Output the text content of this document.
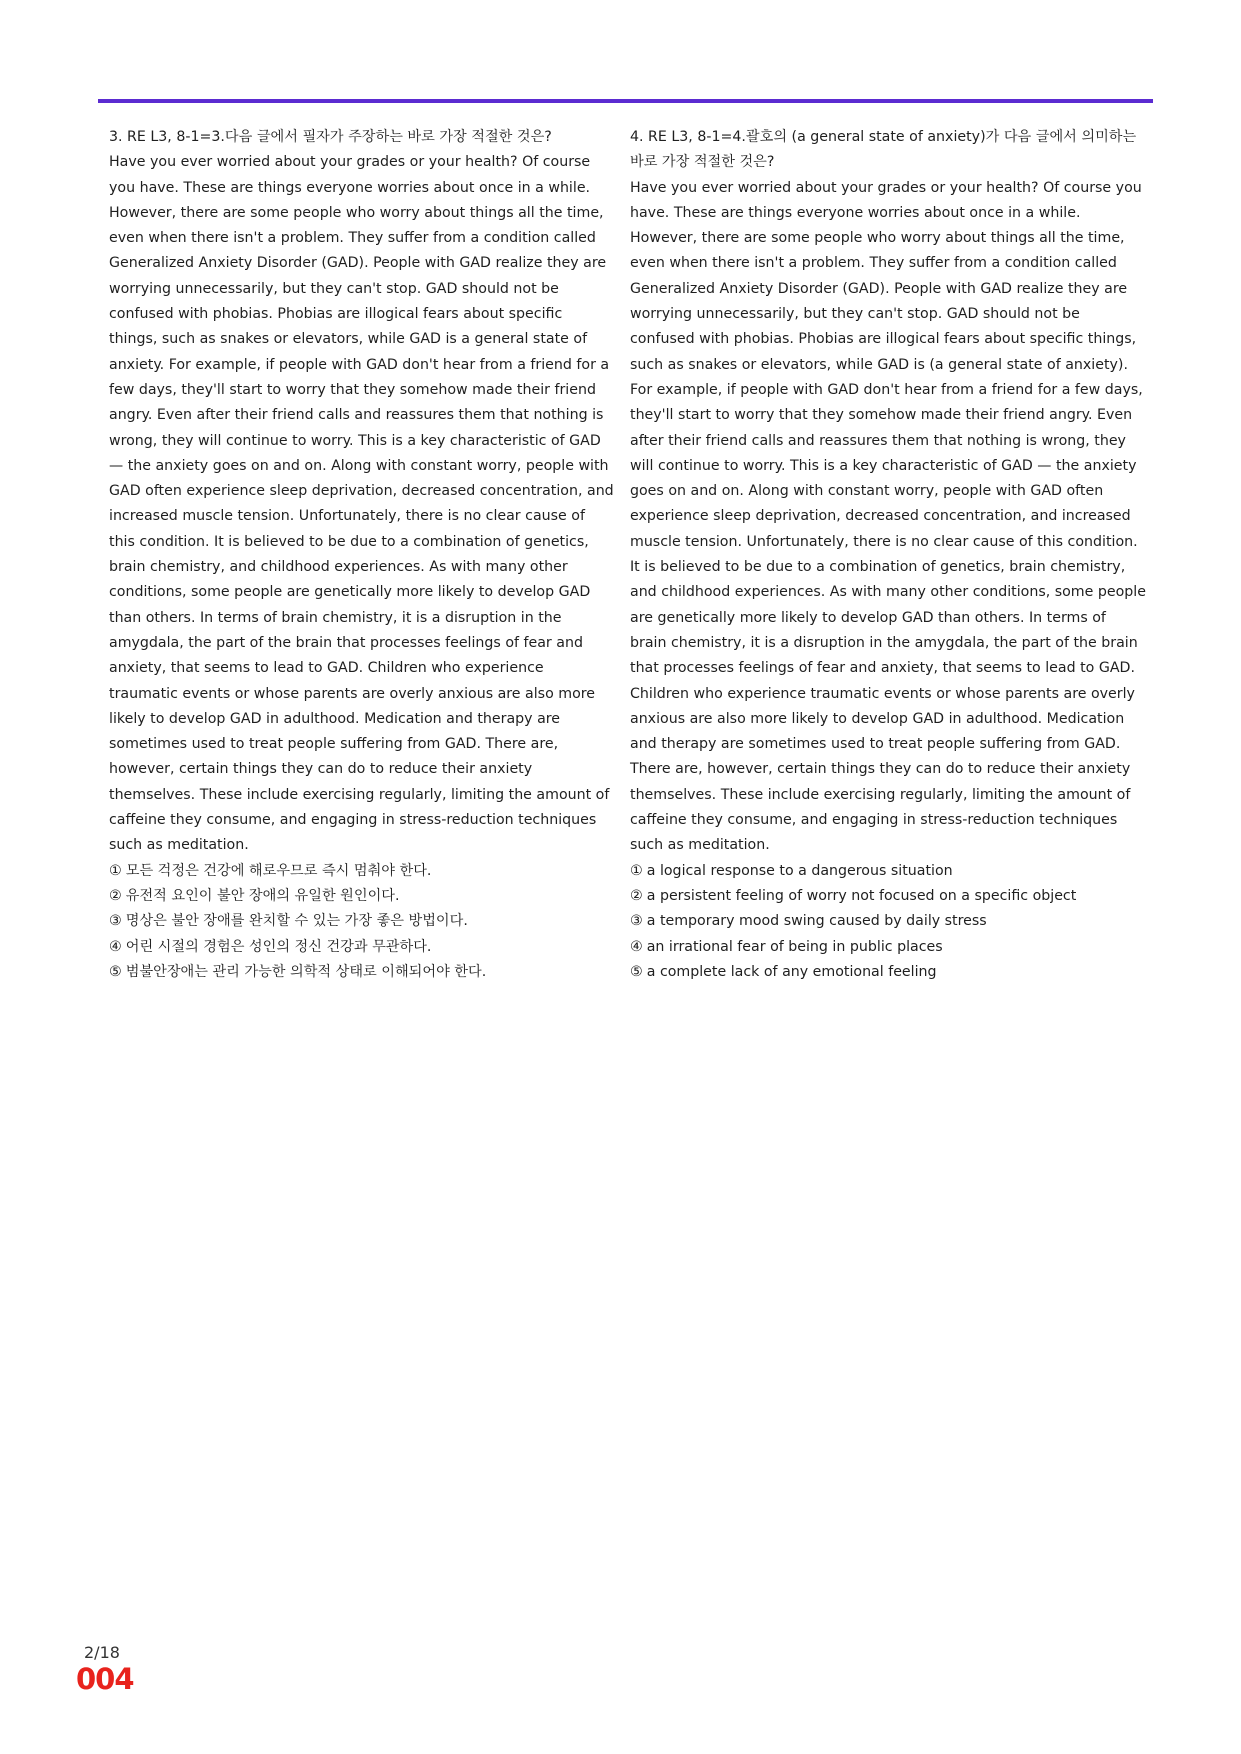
3. RE L3, 8-1=3.다음 글에서 필자가 주장하는 바로 가장 적절한 것은?

Have you ever worried about your grades or your health? Of course you have. These are things everyone worries about once in a while. However, there are some people who worry about things all the time, even when there isn't a problem. They suffer from a condition called Generalized Anxiety Disorder (GAD). People with GAD realize they are worrying unnecessarily, but they can't stop. GAD should not be confused with phobias. Phobias are illogical fears about specific things, such as snakes or elevators, while GAD is a general state of anxiety. For example, if people with GAD don't hear from a friend for a few days, they'll start to worry that they somehow made their friend angry. Even after their friend calls and reassures them that nothing is wrong, they will continue to worry. This is a key characteristic of GAD — the anxiety goes on and on. Along with constant worry, people with GAD often experience sleep deprivation, decreased concentration, and increased muscle tension. Unfortunately, there is no clear cause of this condition. It is believed to be due to a combination of genetics, brain chemistry, and childhood experiences. As with many other conditions, some people are genetically more likely to develop GAD than others. In terms of brain chemistry, it is a disruption in the amygdala, the part of the brain that processes feelings of fear and anxiety, that seems to lead to GAD. Children who experience traumatic events or whose parents are overly anxious are also more likely to develop GAD in adulthood. Medication and therapy are sometimes used to treat people suffering from GAD. There are, however, certain things they can do to reduce their anxiety themselves. These include exercising regularly, limiting the amount of caffeine they consume, and engaging in stress-reduction techniques such as meditation.

① 모든 걱정은 건강에 해로우므로 즉시 멈춰야 한다.
② 유전적 요인이 불안 장애의 유일한 원인이다.
③ 명상은 불안 장애를 완치할 수 있는 가장 좋은 방법이다.
④ 어린 시절의 경험은 성인의 정신 건강과 무관하다.
⑤ 범불안장애는 관리 가능한 의학적 상태로 이해되어야 한다.

4. RE L3, 8-1=4.괄호의 (a general state of anxiety)가 다음 글에서 의미하는 바로 가장 적절한 것은?

Have you ever worried about your grades or your health? Of course you have. These are things everyone worries about once in a while. However, there are some people who worry about things all the time, even when there isn't a problem. They suffer from a condition called Generalized Anxiety Disorder (GAD). People with GAD realize they are worrying unnecessarily, but they can't stop. GAD should not be confused with phobias. Phobias are illogical fears about specific things, such as snakes or elevators, while GAD is (a general state of anxiety). For example, if people with GAD don't hear from a friend for a few days, they'll start to worry that they somehow made their friend angry. Even after their friend calls and reassures them that nothing is wrong, they will continue to worry. This is a key characteristic of GAD — the anxiety goes on and on. Along with constant worry, people with GAD often experience sleep deprivation, decreased concentration, and increased muscle tension. Unfortunately, there is no clear cause of this condition. It is believed to be due to a combination of genetics, brain chemistry, and childhood experiences. As with many other conditions, some people are genetically more likely to develop GAD than others. In terms of brain chemistry, it is a disruption in the amygdala, the part of the brain that processes feelings of fear and anxiety, that seems to lead to GAD. Children who experience traumatic events or whose parents are overly anxious are also more likely to develop GAD in adulthood. Medication and therapy are sometimes used to treat people suffering from GAD. There are, however, certain things they can do to reduce their anxiety themselves. These include exercising regularly, limiting the amount of caffeine they consume, and engaging in stress-reduction techniques such as meditation.

① a logical response to a dangerous situation
② a persistent feeling of worry not focused on a specific object
③ a temporary mood swing caused by daily stress
④ an irrational fear of being in public places
⑤ a complete lack of any emotional feeling
2/18
004
